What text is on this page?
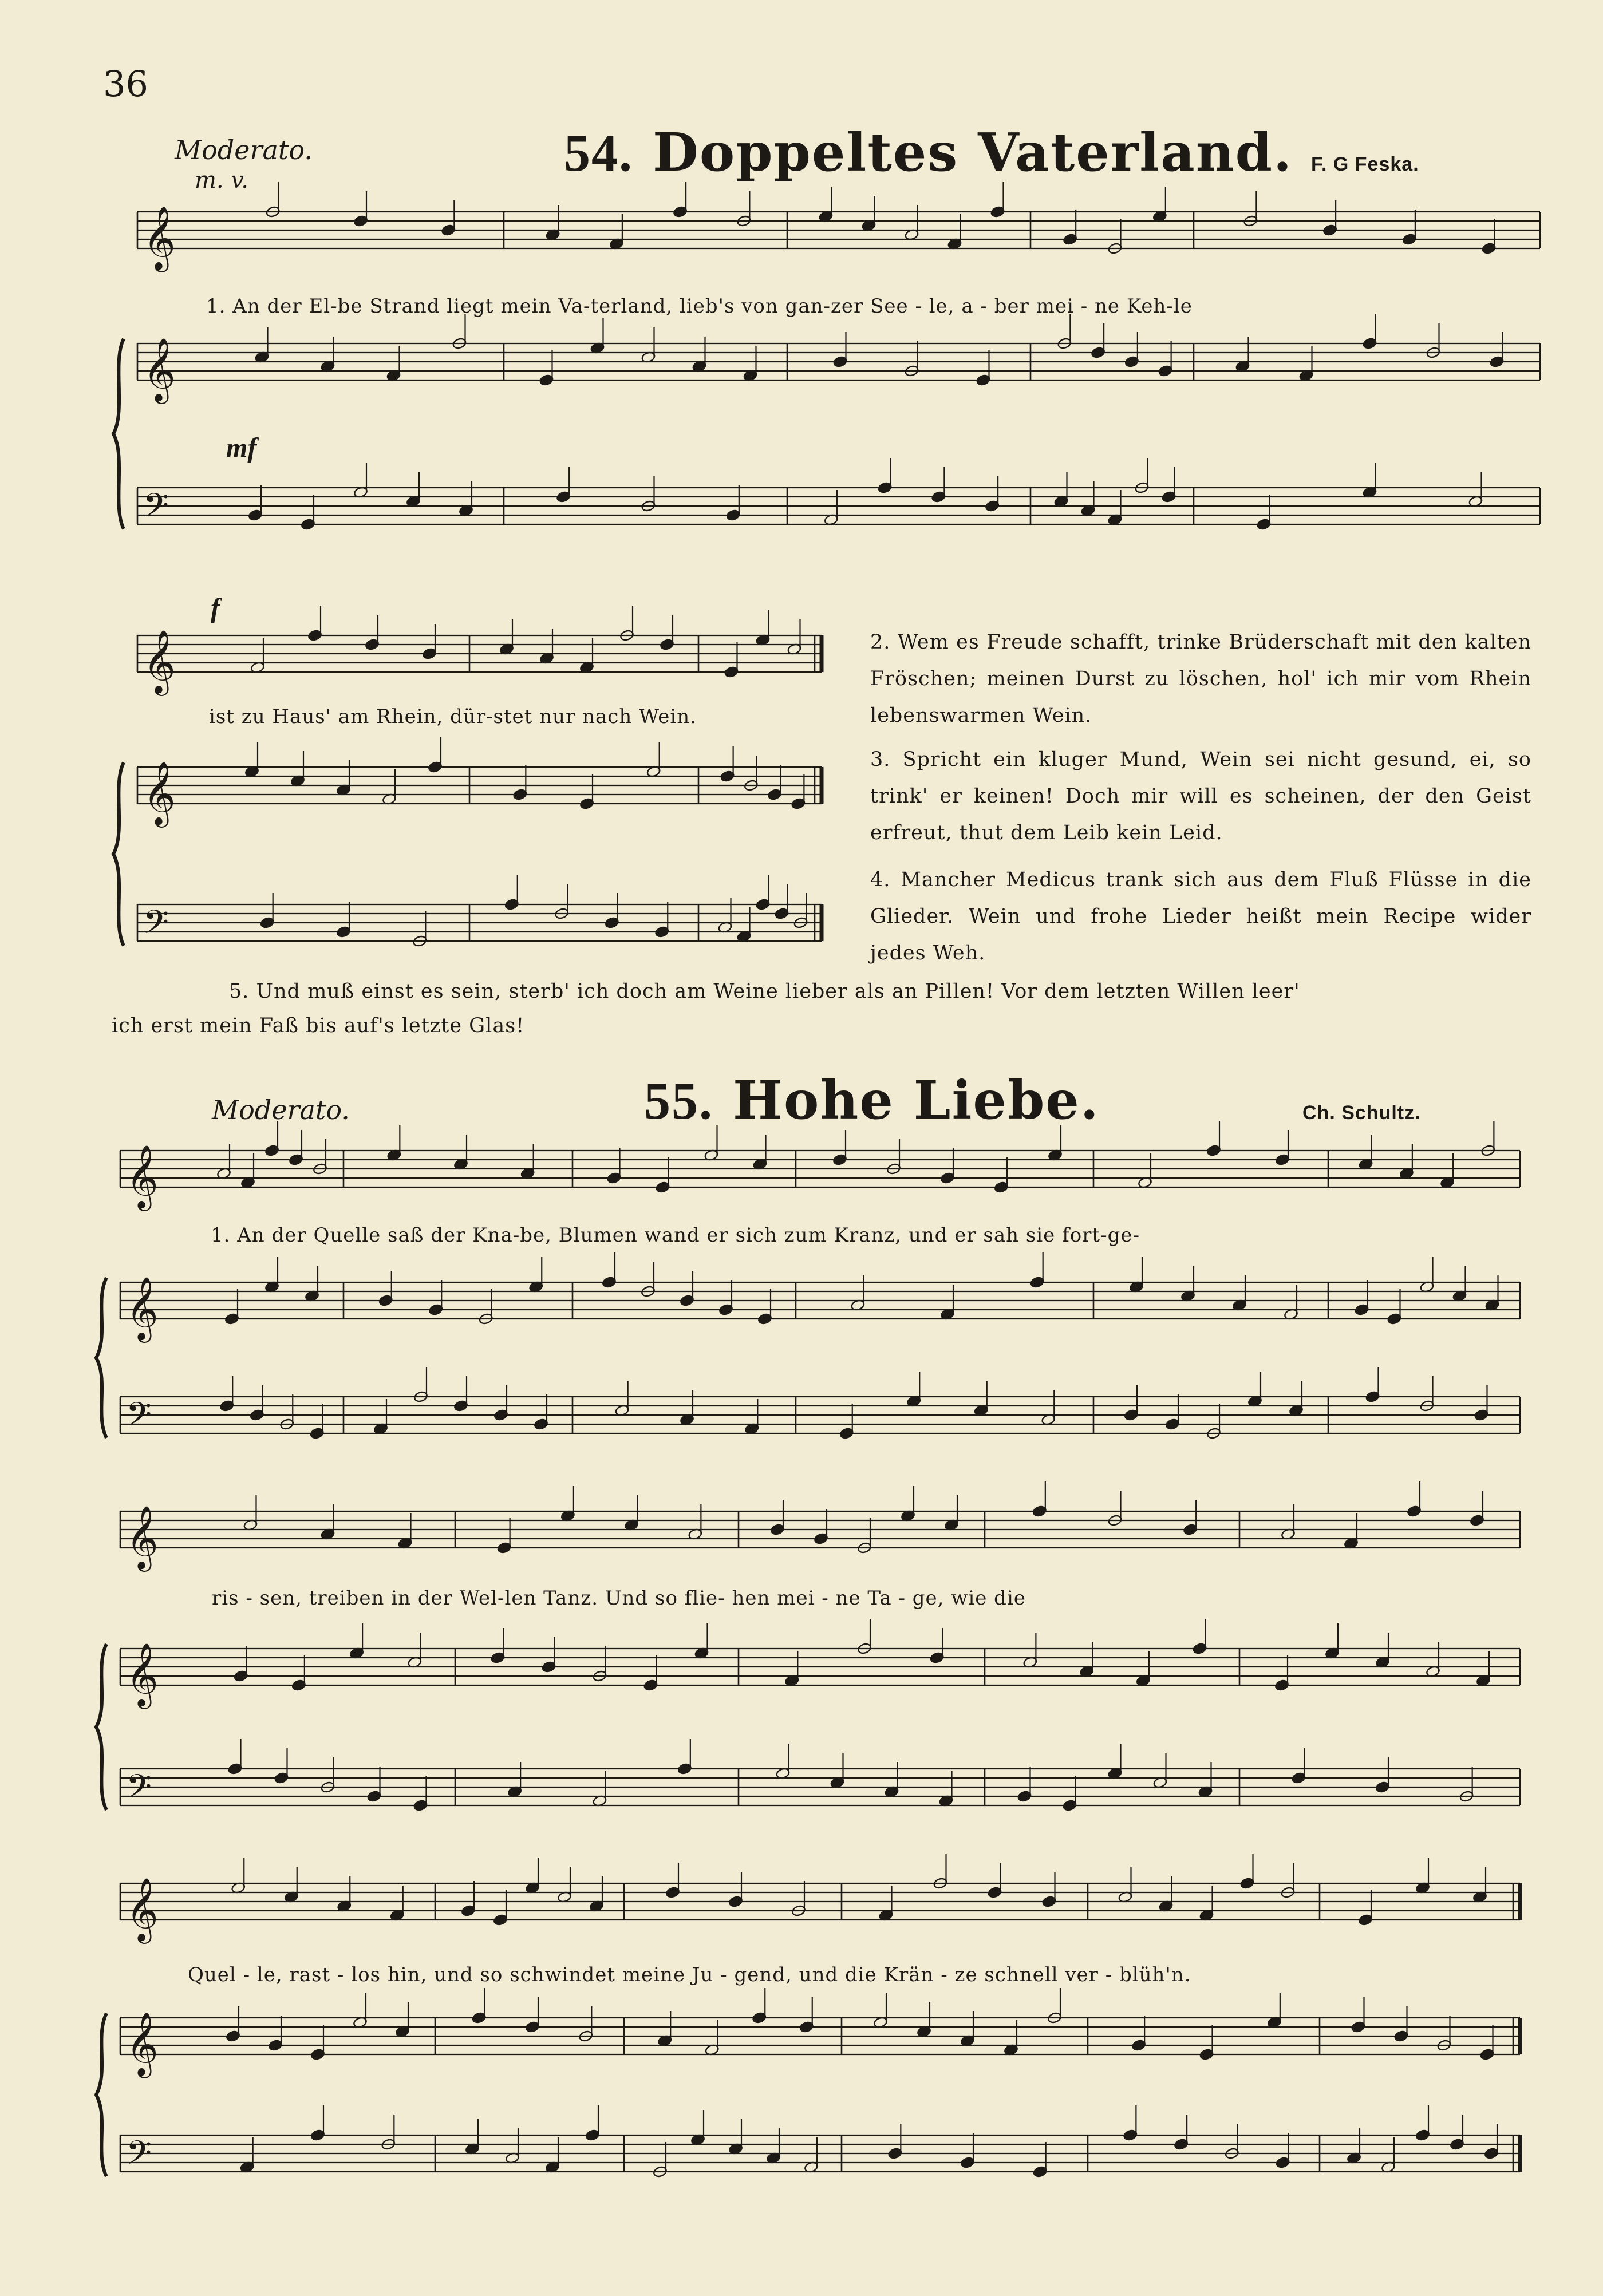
36
Moderato.
m. v.	54. Doppeltes Vaterland. F. G Feska.
mf
f
1. An der El-be Strand liegt mein Va-terland, lieb's von gan-zer See - le, a - ber mei - ne Keh-le
ist zu Haus' am Rhein, dür-stet nur nach Wein.
2. Wem es Freude schafft, trinke Brüderschaft mit den kalten Fröschen; meinen Durst zu löschen, hol' ich mir vom Rhein lebenswarmen Wein.
3. Spricht ein kluger Mund, Wein sei nicht gesund, ei, so trink' er keinen! Doch mir will es scheinen, der den Geist erfreut, thut dem Leib kein Leid.
4. Mancher Medicus trank sich aus dem Fluß Flüsse in die Glieder. Wein und frohe Lieder heißt mein Recipe wider jedes Weh.
5. Und muß einst es sein, sterb' ich doch am Weine lieber als an Pillen! Vor dem letzten Willen leer'
ich erst mein Faß bis auf's letzte Glas!
Moderato.	55. Hohe Liebe.	Ch. Schultz.
1. An der Quelle saß der Kna-be, Blumen wand er sich zum Kranz, und er sah sie fort-ge-
ris - sen, treiben in der Wel-len Tanz. Und so flie- hen mei - ne Ta - ge, wie die
Quel - le, rast - los hin, und so schwindet meine Ju - gend, und die Krän - ze schnell ver - blüh'n.
𝄞
𝄞
𝄢
𝄞
𝄞
𝄢
𝄞
𝄞
𝄢
𝄞
𝄞
𝄢
𝄞
𝄞
𝄢
